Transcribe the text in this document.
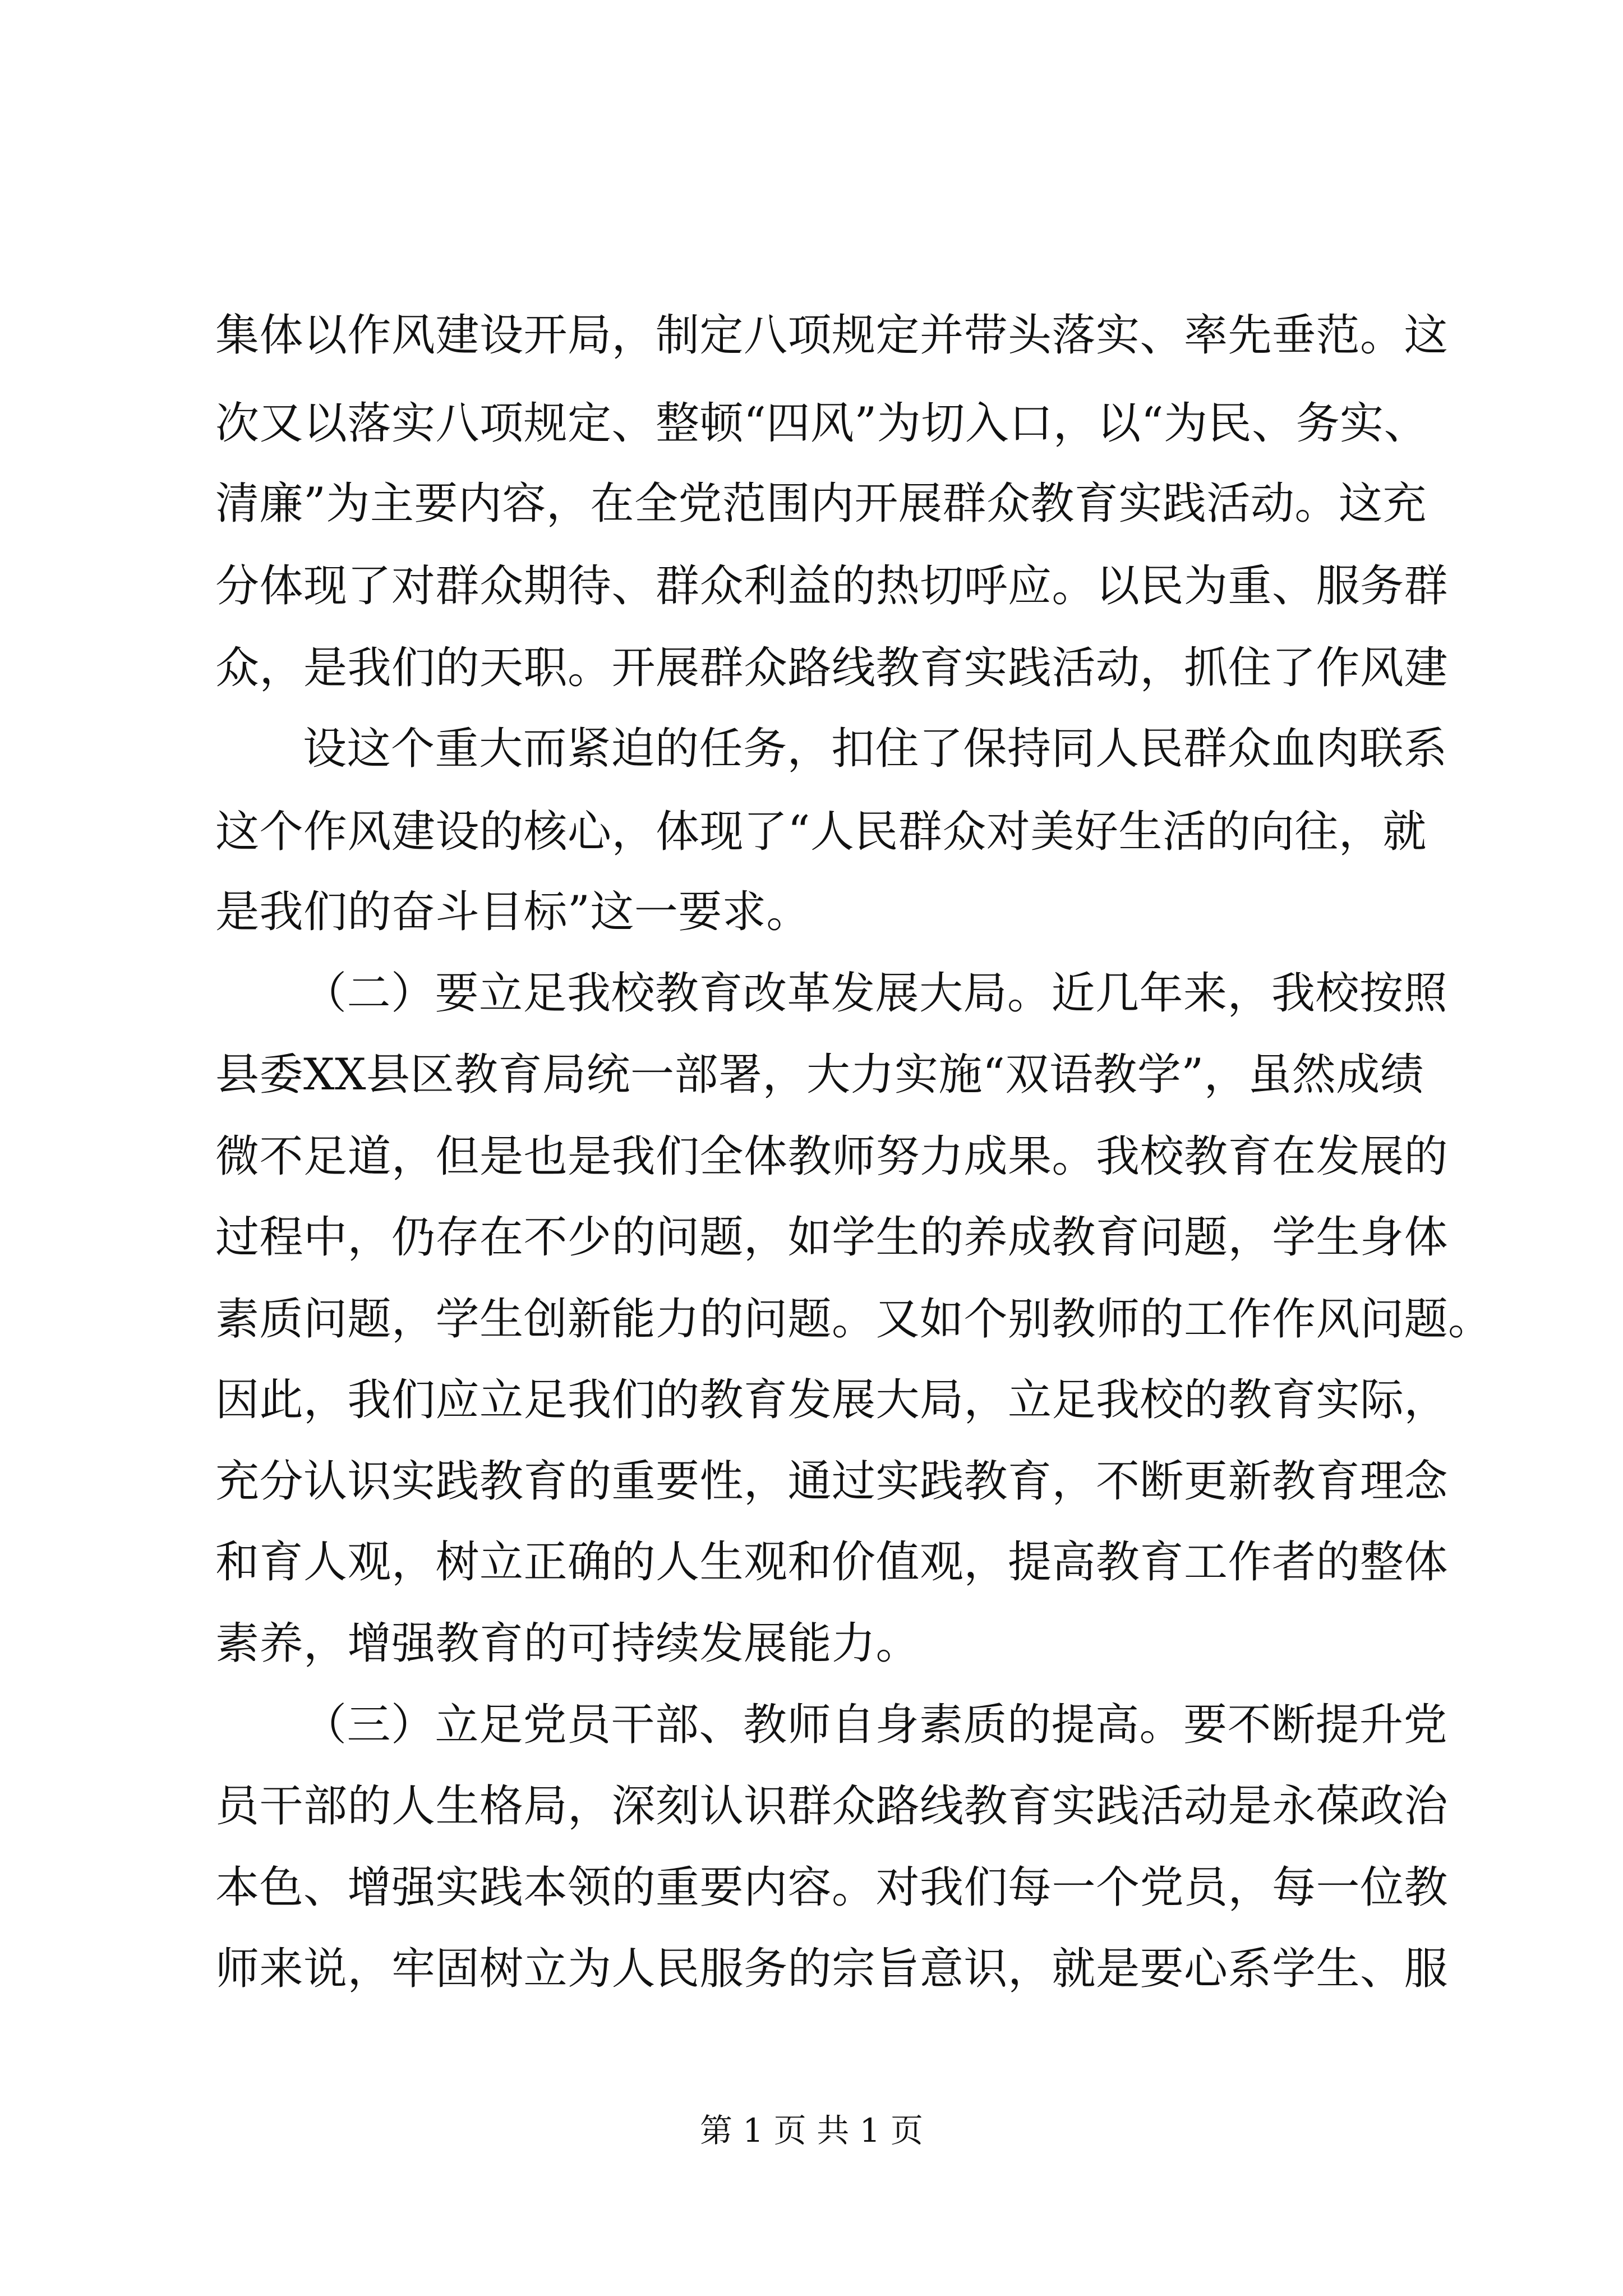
集体以作风建设开局，制定八项规定并带头落实、率先垂范。这
次又以落实八项规定、整顿“四风”为切入口，以“为民、务实、
清廉”为主要内容，在全党范围内开展群众教育实践活动。这充
分体现了对群众期待、群众利益的热切呼应。以民为重、服务群
众，是我们的天职。开展群众路线教育实践活动，抓住了作风建
设这个重大而紧迫的任务，扣住了保持同人民群众血肉联系
这个作风建设的核心，体现了“人民群众对美好生活的向往，就
是我们的奋斗目标”这一要求。
（二）要立足我校教育改革发展大局。近几年来，我校按照
县委XX县区教育局统一部署，大力实施“双语教学”，虽然成绩
微不足道，但是也是我们全体教师努力成果。我校教育在发展的
过程中，仍存在不少的问题，如学生的养成教育问题，学生身体
素质问题，学生创新能力的问题。又如个别教师的工作作风问题。
因此，我们应立足我们的教育发展大局，立足我校的教育实际，
充分认识实践教育的重要性，通过实践教育，不断更新教育理念
和育人观，树立正确的人生观和价值观，提高教育工作者的整体
素养，增强教育的可持续发展能力。
（三）立足党员干部、教师自身素质的提高。要不断提升党
员干部的人生格局，深刻认识群众路线教育实践活动是永葆政治
本色、增强实践本领的重要内容。对我们每一个党员，每一位教
师来说，牢固树立为人民服务的宗旨意识，就是要心系学生、服
第 1 页 共 1 页
